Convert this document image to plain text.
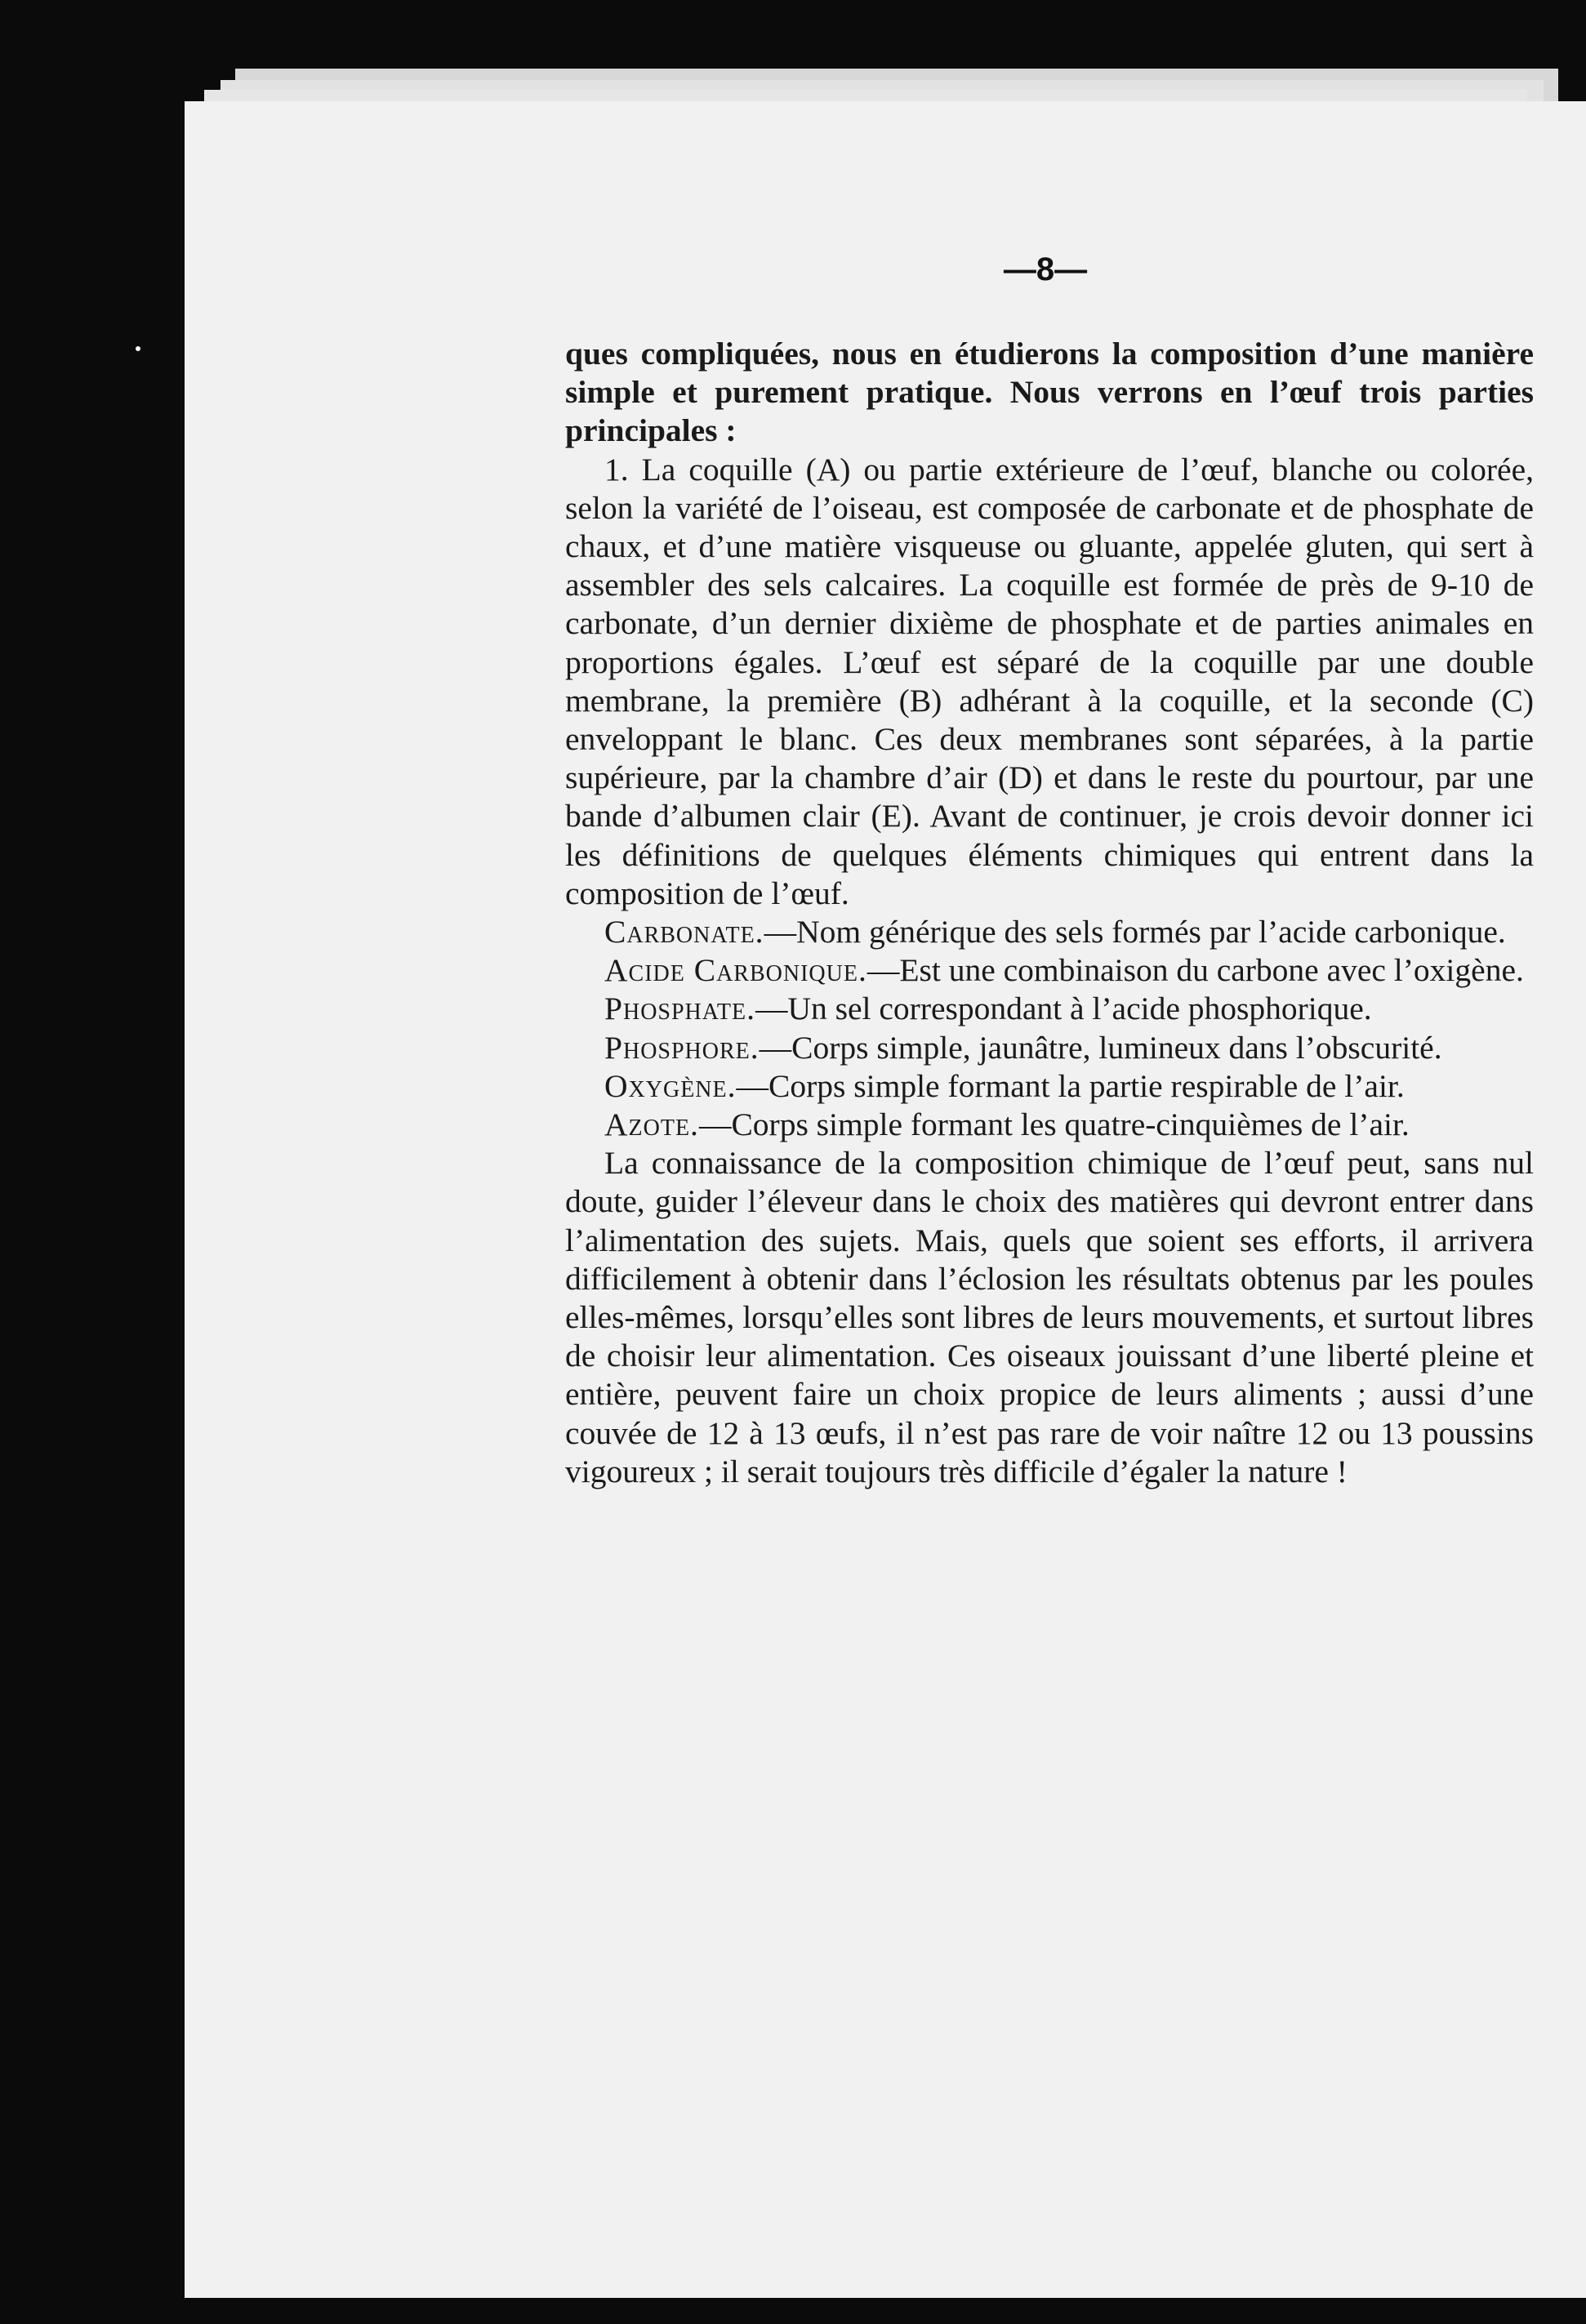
—8—

ques compliquées, nous en étudierons la composition d’une manière simple et purement pratique. Nous verrons en l’œuf trois parties principales :

1. La coquille (A) ou partie extérieure de l’œuf, blanche ou colorée, selon la variété de l’oiseau, est composée de carbonate et de phosphate de chaux, et d’une matière visqueuse ou gluante, appelée gluten, qui sert à assembler des sels calcaires. La coquille est formée de près de 9-10 de carbonate, d’un dernier dixième de phosphate et de parties animales en proportions égales. L’œuf est séparé de la coquille par une double membrane, la première (B) adhérant à la coquille, et la seconde (C) enveloppant le blanc. Ces deux membranes sont séparées, à la partie supérieure, par la chambre d’air (D) et dans le reste du pourtour, par une bande d’albumen clair (E). Avant de continuer, je crois devoir donner ici les définitions de quelques éléments chimiques qui entrent dans la composition de l’œuf.

Carbonate.—Nom générique des sels formés par l’acide carbonique.

Acide Carbonique.—Est une combinaison du carbone avec l’oxigène.

Phosphate.—Un sel correspondant à l’acide phosphorique.

Phosphore.—Corps simple, jaunâtre, lumineux dans l’obscurité.

Oxygène.—Corps simple formant la partie respirable de l’air.

Azote.—Corps simple formant les quatre-cinquièmes de l’air.

La connaissance de la composition chimique de l’œuf peut, sans nul doute, guider l’éleveur dans le choix des matières qui devront entrer dans l’alimentation des sujets. Mais, quels que soient ses efforts, il arrivera difficilement à obtenir dans l’éclosion les résultats obtenus par les poules elles-mêmes, lorsqu’elles sont libres de leurs mouvements, et surtout libres de choisir leur alimentation. Ces oiseaux jouissant d’une liberté pleine et entière, peuvent faire un choix propice de leurs aliments ; aussi d’une couvée de 12 à 13 œufs, il n’est pas rare de voir naître 12 ou 13 poussins vigoureux ; il serait toujours très difficile d’égaler la nature !
